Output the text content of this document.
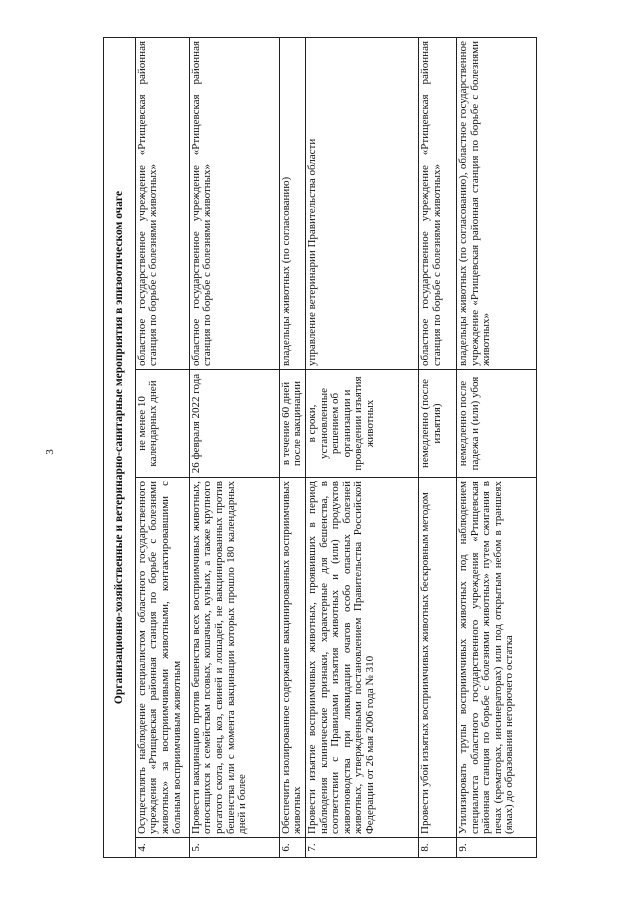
3	Организационно-хозяйственные и ветеринарно-санитарные мероприятия в эпизоотическом очаге			
4.	Осуществлять наблюдение специалистом областного государственного учреждения «Ртищевская районная станция по борьбе с болезнями животных» за восприимчивыми животными, контактировавшими с больным восприимчивым животным	не менее 10 календарных дней	областное государственное учреждение «Ртищевская районная станция по борьбе с болезнями животных»
5.	Провести вакцинацию против бешенства всех восприимчивых животных, относящихся к семействам псовых, кошачьих, куньих, а также крупного рогатого скота, овец, коз, свиней и лошадей, не вакцинированных против бешенства или с момента вакцинации которых прошло 180 календарных дней и более	26 февраля 2022 года	областное государственное учреждение «Ртищевская районная станция по борьбе с болезнями животных»
6.	Обеспечить изолированное содержание вакцинированных восприимчивых животных	в течение 60 дней после вакцинации	владельцы животных (по согласованию)
7.	Провести изъятие восприимчивых животных, проявивших в период наблюдения клинические признаки, характерные для бешенства, в соответствии с Правилами изъятия животных и (или) продуктов животноводства при ликвидации очагов особо опасных болезней животных, утвержденными постановлением Правительства Российской Федерации от 26 мая 2006 года № 310	в сроки, установленные решением об организации и проведении изъятия животных	управление ветеринарии Правительства области
8.	Провести убой изъятых восприимчивых животных бескровным методом	немедленно (после изъятия)	областное государственное учреждение «Ртищевская районная станция по борьбе с болезнями животных»
9.	Утилизировать трупы восприимчивых животных под наблюдением специалиста областного государственного учреждения «Ртищевская районная станция по борьбе с болезнями животных» путем сжигания в печах (крематорах, инсинераторах) или под открытым небом в траншеях (ямах) до образования негорючего остатка	немедленно после падежа и (или) убоя	владельцы животных (по согласованию), областное государственное учреждение «Ртищевская районная станция по борьбе с болезнями животных»
